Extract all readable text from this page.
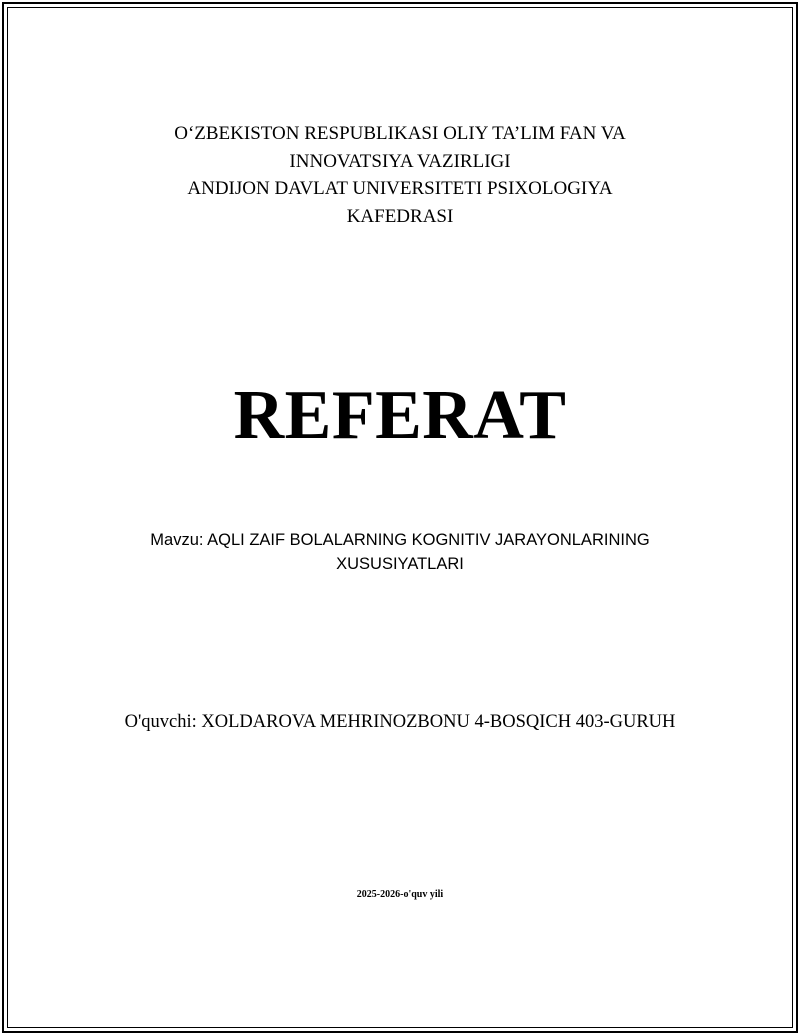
O‘ZBEKISTON RESPUBLIKASI OLIY TA’LIM FAN VA
INNOVATSIYA VAZIRLIGI
ANDIJON DAVLAT UNIVERSITETI PSIXOLOGIYA
KAFEDRASI
REFERAT
Mavzu: AQLI ZAIF BOLALARNING KOGNITIV JARAYONLARINING
XUSUSIYATLARI
O'quvchi: XOLDAROVA MEHRINOZBONU 4-BOSQICH 403-GURUH
2025-2026-o'quv yili
